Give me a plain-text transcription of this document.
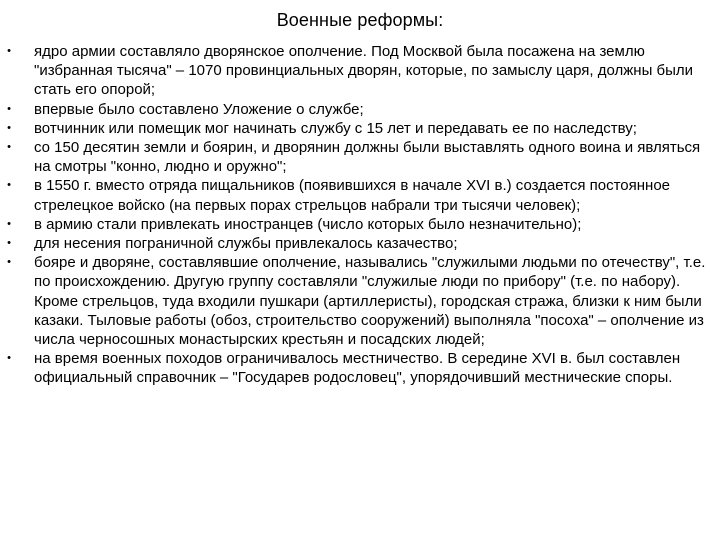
Военные реформы:
• ядро армии составляло дворянское ополчение. Под Москвой была посажена на землю "избранная тысяча" – 1070 провинциальных дворян, которые, по замыслу царя, должны были стать его опорой;
• впервые было составлено Уложение о службе;
• вотчинник или помещик мог начинать службу с 15 лет и передавать ее по наследству;
• со 150 десятин земли и боярин, и дворянин должны были выставлять одного воина и являться на смотры "конно, людно и оружно";
• в 1550 г. вместо отряда пищальников (появившихся в начале XVI в.) создается постоянное стрелецкое войско (на первых порах стрельцов набрали три тысячи человек);
• в армию стали привлекать иностранцев (число которых было незначительно);
• для несения пограничной службы привлекалось казачество;
• бояре и дворяне, составлявшие ополчение, назывались "служилыми людьми по отечеству", т.е. по происхождению. Другую группу составляли "служилые люди по прибору" (т.е. по набору). Кроме стрельцов, туда входили пушкари (артиллеристы), городская стража, близки к ним были казаки. Тыловые работы (обоз, строительство сооружений) выполняла "посоха" – ополчение из числа черносошных монастырских крестьян и посадских людей;
• на время военных походов ограничивалось местничество. В середине XVI в. был составлен официальный справочник – "Государев родословец", упорядочивший местнические споры.
